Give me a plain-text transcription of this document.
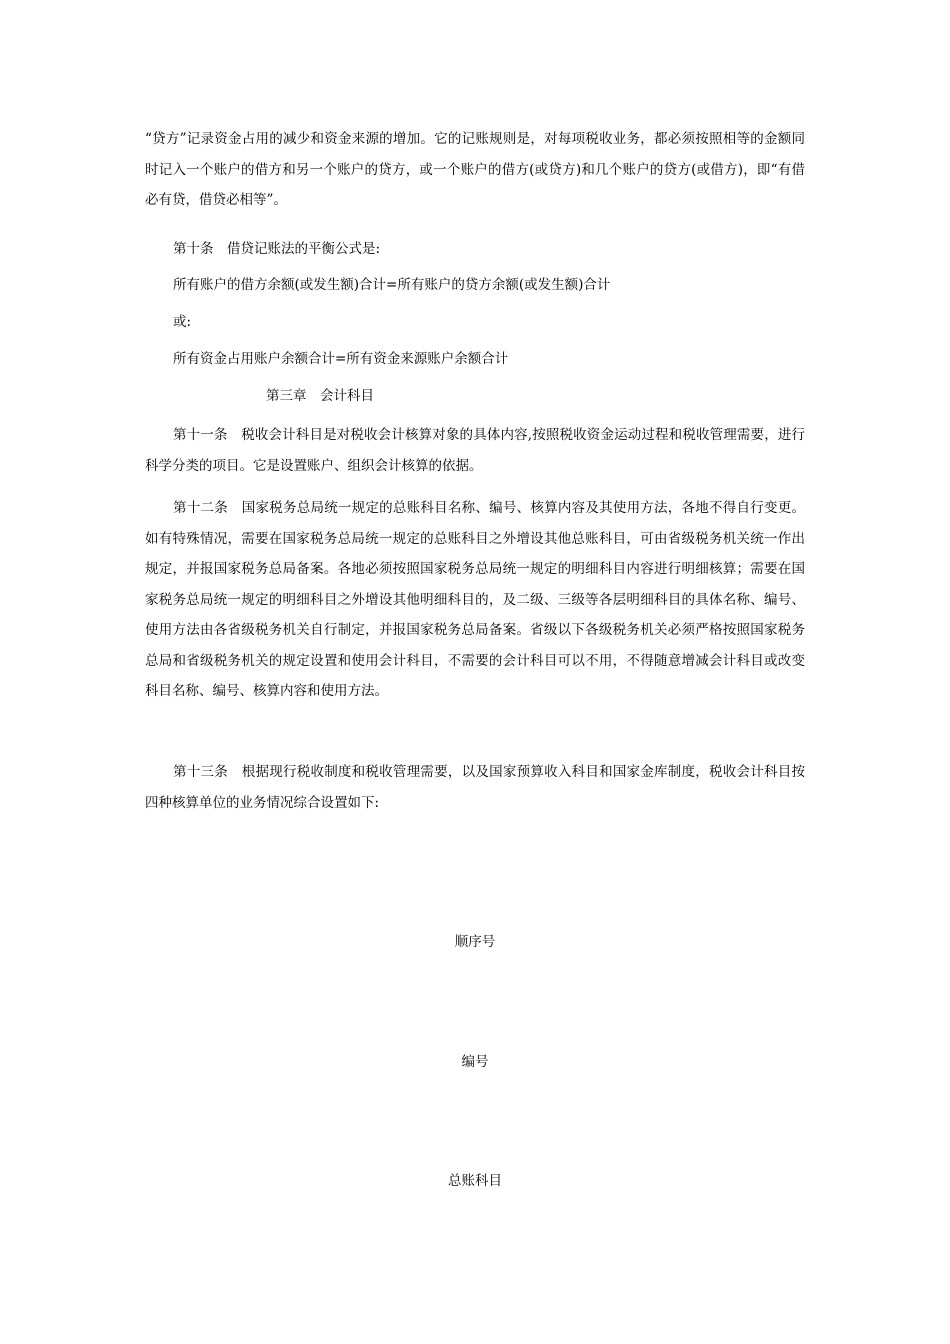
“贷方”记录资金占用的减少和资金来源的增加。它的记账规则是，对每项税收业务，都必须按照相等的金额同时记入一个账户的借方和另一个账户的贷方，或一个账户的借方(或贷方)和几个账户的贷方(或借方)，即“有借必有贷，借贷必相等”。

第十条　借贷记账法的平衡公式是:

所有账户的借方余额(或发生额)合计=所有账户的贷方余额(或发生额)合计

或:

所有资金占用账户余额合计=所有资金来源账户余额合计

第三章　会计科目

第十一条　税收会计科目是对税收会计核算对象的具体内容,按照税收资金运动过程和税收管理需要，进行科学分类的项目。它是设置账户、组织会计核算的依据。

第十二条　国家税务总局统一规定的总账科目名称、编号、核算内容及其使用方法，各地不得自行变更。如有特殊情况，需要在国家税务总局统一规定的总账科目之外增设其他总账科目，可由省级税务机关统一作出规定，并报国家税务总局备案。各地必须按照国家税务总局统一规定的明细科目内容进行明细核算；需要在国家税务总局统一规定的明细科目之外增设其他明细科目的，及二级、三级等各层明细科目的具体名称、编号、使用方法由各省级税务机关自行制定，并报国家税务总局备案。省级以下各级税务机关必须严格按照国家税务总局和省级税务机关的规定设置和使用会计科目，不需要的会计科目可以不用，不得随意增减会计科目或改变科目名称、编号、核算内容和使用方法。

第十三条　根据现行税收制度和税收管理需要，以及国家预算收入科目和国家金库制度，税收会计科目按四种核算单位的业务情况综合设置如下:

顺序号

编号

总账科目
